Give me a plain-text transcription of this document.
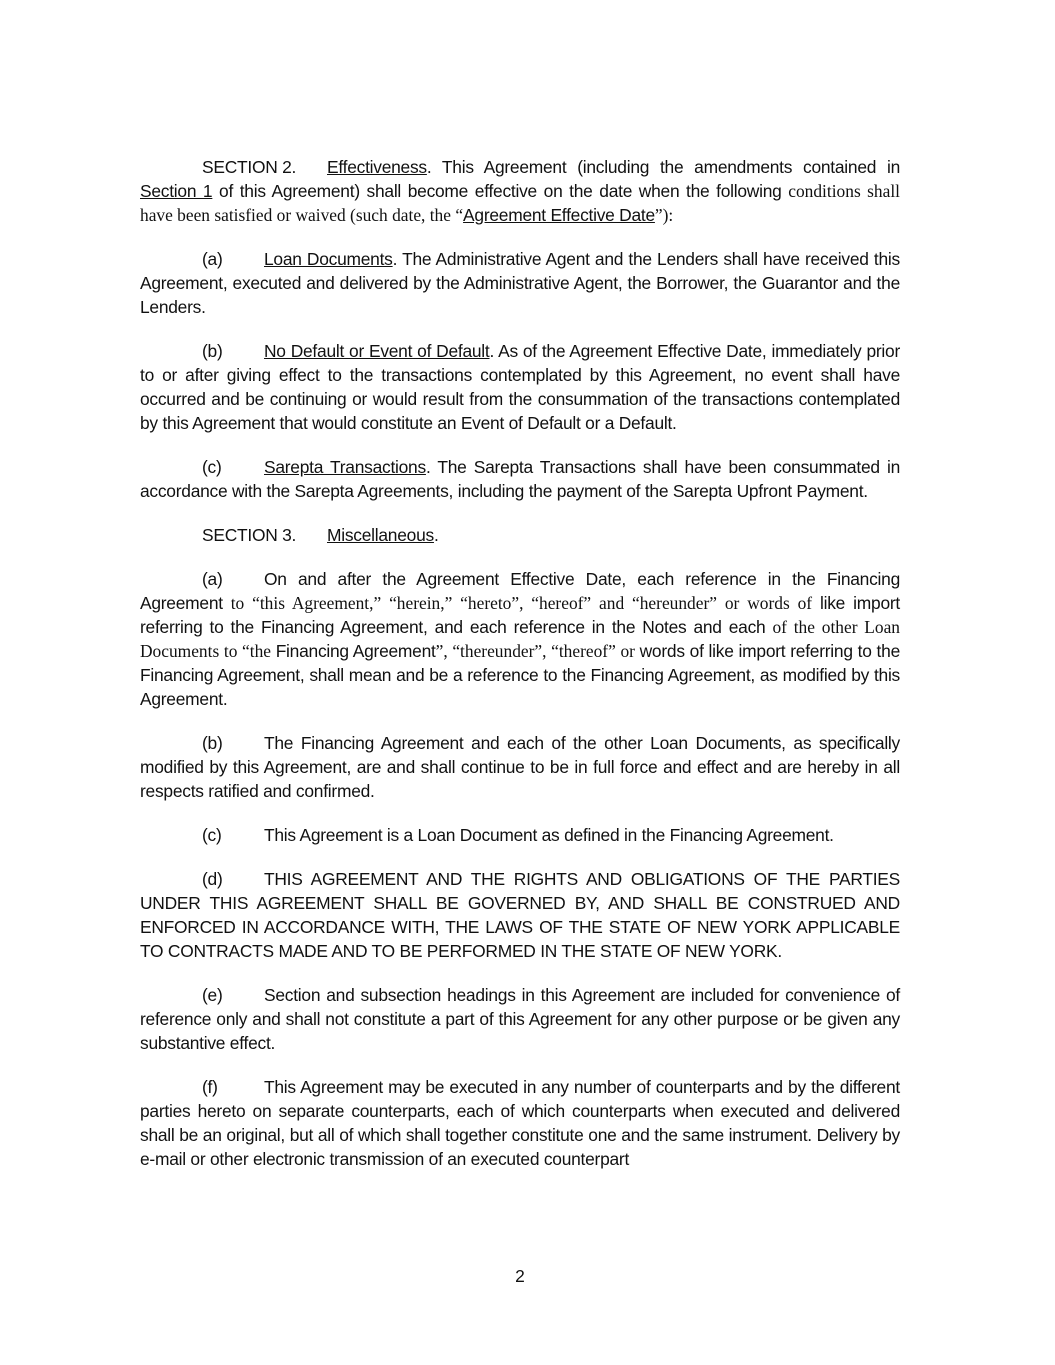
SECTION 2. Effectiveness. This Agreement (including the amendments contained in Section 1 of this Agreement) shall become effective on the date when the following conditions shall have been satisfied or waived (such date, the “Agreement Effective Date”):

(a) Loan Documents. The Administrative Agent and the Lenders shall have received this Agreement, executed and delivered by the Administrative Agent, the Borrower, the Guarantor and the Lenders.

(b) No Default or Event of Default. As of the Agreement Effective Date, immediately prior to or after giving effect to the transactions contemplated by this Agreement, no event shall have occurred and be continuing or would result from the consummation of the transactions contemplated by this Agreement that would constitute an Event of Default or a Default.

(c) Sarepta Transactions. The Sarepta Transactions shall have been consummated in accordance with the Sarepta Agreements, including the payment of the Sarepta Upfront Payment.

SECTION 3. Miscellaneous.

(a) On and after the Agreement Effective Date, each reference in the Financing Agreement to “this Agreement,” “herein,” “hereto”, “hereof” and “hereunder” or words of like import referring to the Financing Agreement, and each reference in the Notes and each of the other Loan Documents to “the Financing Agreement”, “thereunder”, “thereof” or words of like import referring to the Financing Agreement, shall mean and be a reference to the Financing Agreement, as modified by this Agreement.

(b) The Financing Agreement and each of the other Loan Documents, as specifically modified by this Agreement, are and shall continue to be in full force and effect and are hereby in all respects ratified and confirmed.

(c) This Agreement is a Loan Document as defined in the Financing Agreement.

(d) THIS AGREEMENT AND THE RIGHTS AND OBLIGATIONS OF THE PARTIES UNDER THIS AGREEMENT SHALL BE GOVERNED BY, AND SHALL BE CONSTRUED AND ENFORCED IN ACCORDANCE WITH, THE LAWS OF THE STATE OF NEW YORK APPLICABLE TO CONTRACTS MADE AND TO BE PERFORMED IN THE STATE OF NEW YORK.

(e) Section and subsection headings in this Agreement are included for convenience of reference only and shall not constitute a part of this Agreement for any other purpose or be given any substantive effect.

(f)	This Agreement may be executed in any number of counterparts and by the different parties hereto on separate counterparts, each of which counterparts when executed and delivered shall be an original, but all of which shall together constitute one and the same instrument. Delivery by e-mail or other electronic transmission of an executed counterpart

2
